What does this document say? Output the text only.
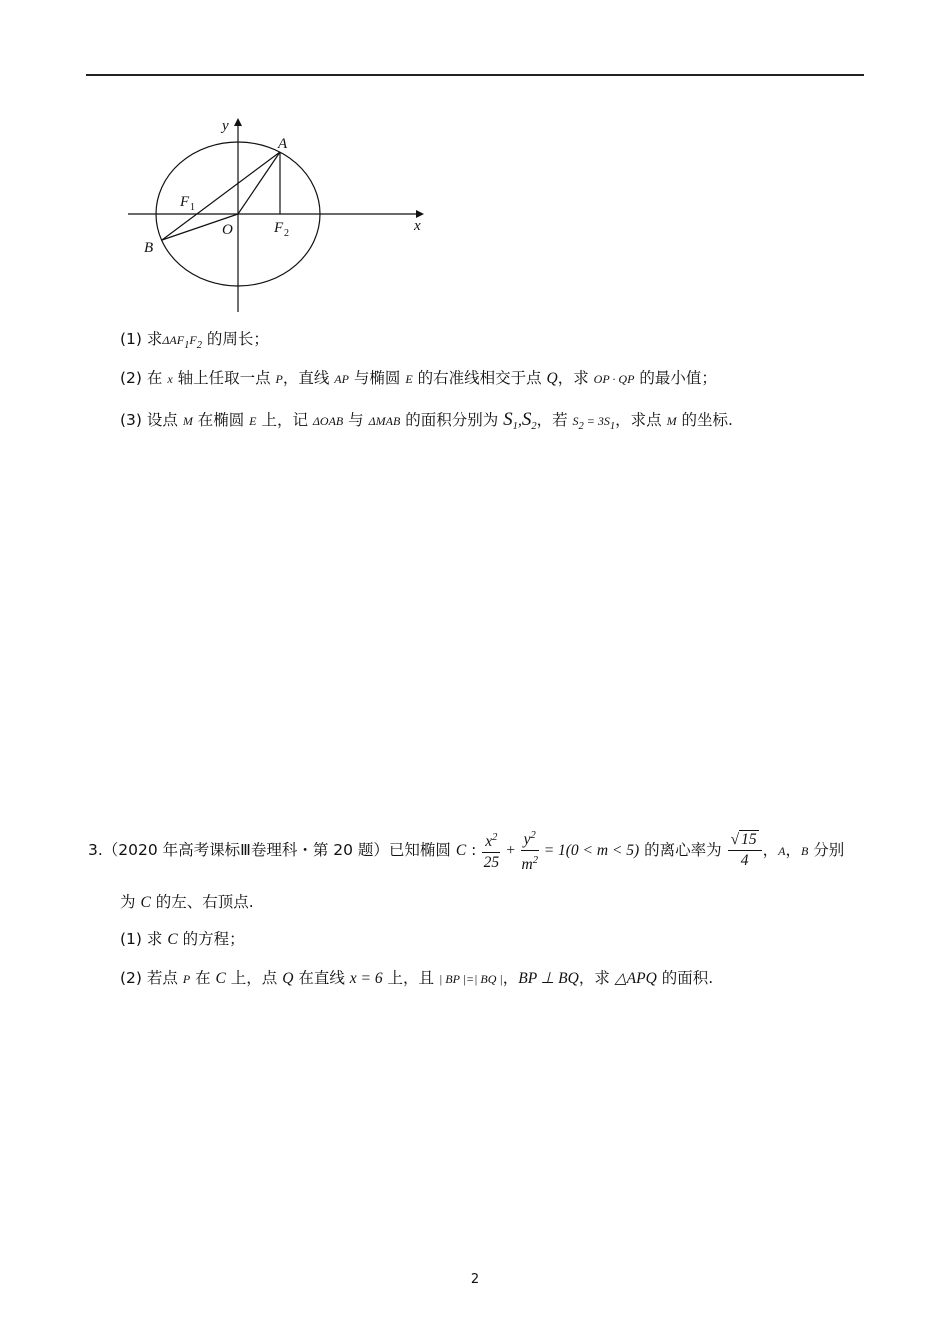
y
x
A
B
O
F 1
F 2
(1) 求$\Delta AF_1F_2$ 的周长；
(2) 在 x 轴上任取一点 P，直线 AP 与椭圆 E 的右准线相交于点 Q，求 OP · QP 的最小值；
(3) 设点 M 在椭圆 E 上，记 ΔOAB 与 ΔMAB 的面积分别为 $S_1,S_2$，若 $S_2 = 3S_1$，求点 M 的坐标.
3.（2020 年高考课标Ⅲ卷理科・第 20 题）已知椭圆 C : $\frac{x^2}{25} + \frac{y^2}{m^2} = 1(0 < m < 5)$ 的离心率为 $\frac{√ 15}{4}$ ，A，B 分别
为 C 的左、右顶点.
(1) 求 C 的方程；
(2) 若点 P 在 C 上，点 Q 在直线 x = 6 上，且 | BP |=| BQ |，BP ⊥ BQ，求 △APQ 的面积.
2
